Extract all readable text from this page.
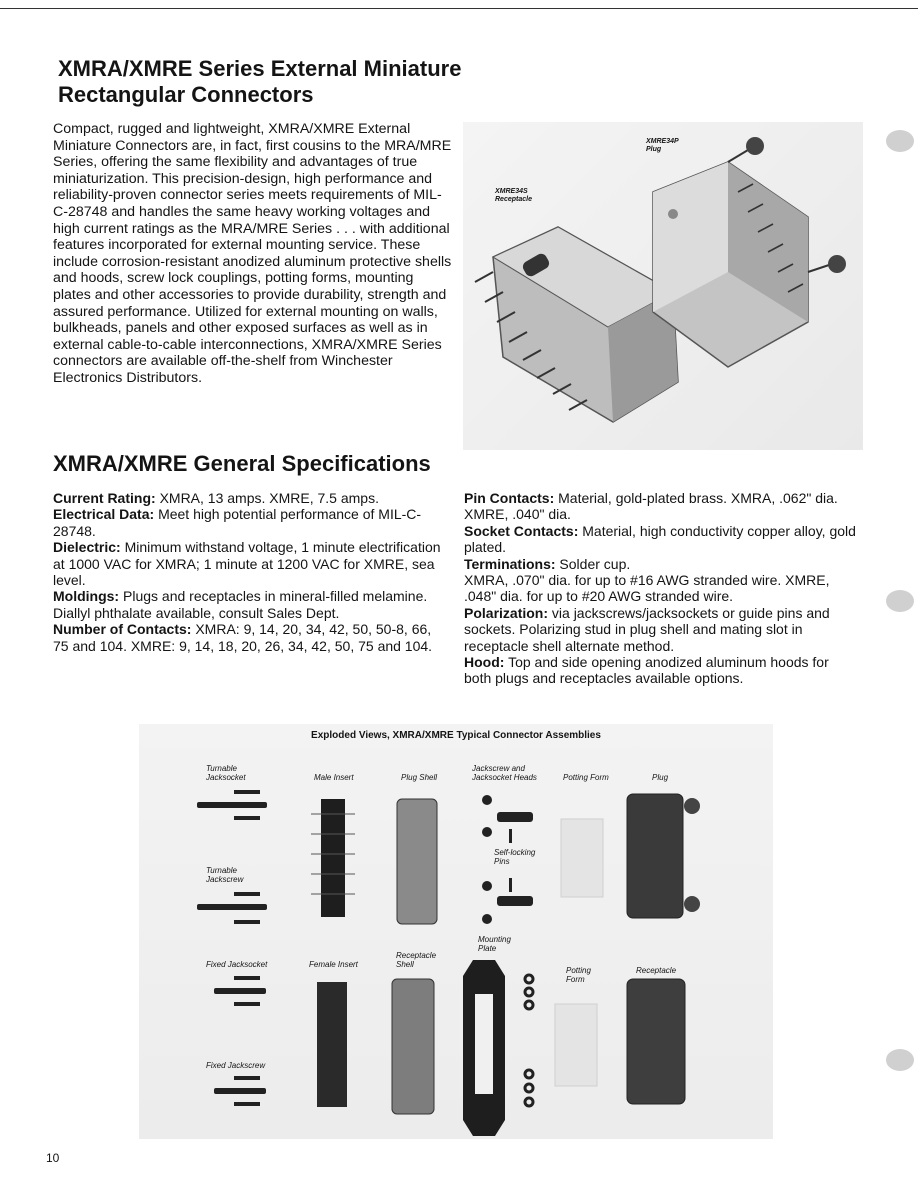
XMRA/XMRE Series External Miniature
Rectangular Connectors

Compact, rugged and lightweight, XMRA/XMRE External Miniature Connectors are, in fact, first cousins to the MRA/MRE Series, offering the same flexibility and advantages of true miniaturization. This precision-design, high performance and reliability-proven connector series meets requirements of MIL-C-28748 and handles the same heavy working voltages and high current ratings as the MRA/MRE Series . . . with additional features incorporated for external mounting service. These include corrosion-resistant anodized aluminum protective shells and hoods, screw lock couplings, potting forms, mounting plates and other accessories to provide durability, strength and assured performance. Utilized for external mounting on walls, bulkheads, panels and other exposed surfaces as well as in external cable-to-cable interconnections, XMRA/XMRE Series connectors are available off-the-shelf from Winchester Electronics Distributors.

XMRE34P
Plug
XMRE34S
Receptacle
XMRA/XMRE General Specifications

Current Rating: XMRA, 13 amps. XMRE, 7.5 amps.

Electrical Data: Meet high potential performance of MIL-C-28748.

Dielectric: Minimum withstand voltage, 1 minute electrification at 1000 VAC for XMRA; 1 minute at 1200 VAC for XMRE, sea level.

Moldings: Plugs and receptacles in mineral-filled melamine. Diallyl phthalate available, consult Sales Dept.

Number of Contacts: XMRA: 9, 14, 20, 34, 42, 50, 50-8, 66, 75 and 104. XMRE: 9, 14, 18, 20, 26, 34, 42, 50, 75 and 104.

Pin Contacts: Material, gold-plated brass. XMRA, .062" dia. XMRE, .040" dia.

Socket Contacts: Material, high conductivity copper alloy, gold plated.

Terminations: Solder cup.

XMRA, .070" dia. for up to #16 AWG stranded wire. XMRE, .048" dia. for up to #20 AWG stranded wire.

Polarization: via jackscrews/jacksockets or guide pins and sockets. Polarizing stud in plug shell and mating slot in receptacle shell alternate method.

Hood: Top and side opening anodized aluminum hoods for both plugs and receptacles available options.

Exploded Views, XMRA/XMRE Typical Connector Assemblies
Turnable
Jacksocket	Male Insert	Plug Shell
Jackscrew and
Jacksocket Heads	Potting Form	Plug
Self-locking
Pins
Turnable
Jackscrew
Mounting
Plate
Receptacle
Shell
Fixed Jacksocket	Female Insert
Potting
Form
Receptacle
Fixed Jackscrew
10
